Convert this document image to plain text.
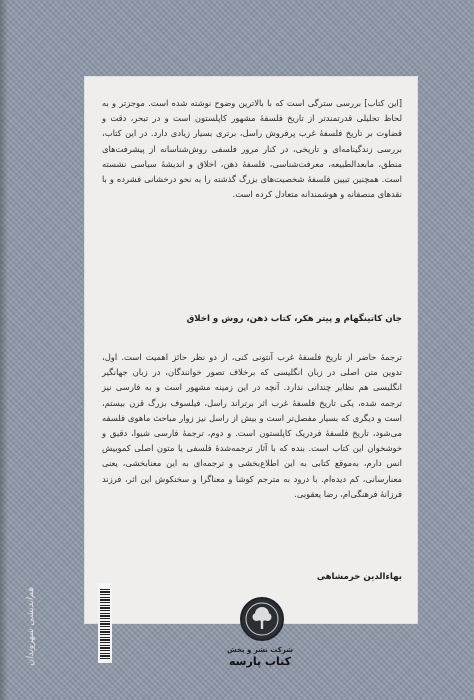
هم‌اندیشی شهروندان
[این کتاب] بررسی سترگی است که با بالاترین وضوح نوشته شده است. موجزتر و به لحاظ تحلیلی قدرتمندتر از تاریخ فلسفهٔ مشهور کاپلستون است و در تبحر، دقت و قضاوت بر تاریخ فلسفهٔ غرب پرفروش راسل، برتری بسیار زیادی دارد. در این کتاب، بررسی زندگینامه‌ای و تاریخی، در کنار مرور فلسفی روش‌شناسانه از پیشرفت‌های منطق، مابعدالطبیعه، معرفت‌شناسی، فلسفهٔ ذهن، اخلاق و اندیشهٔ سیاسی نشسته است. همچنین تبیین فلسفهٔ شخصیت‌های بزرگ گذشته را به نحو درخشانی فشرده و با نقدهای منصفانه و هوشمندانه متعادل کرده است.
جان کاتینگهام و پیتر هکر، کتاب ذهن، روش و اخلاق
ترجمهٔ حاضر از تاریخ فلسفهٔ غرب آنتونی کنی، از دو نظر حائز اهمیت است. اول، تدوین متن اصلی در زبان انگلیسی که برخلاف تصور خوانندگان، در زبان جهانگیر انگلیسی هم نظایر چندانی ندارد. آنچه در این زمینه مشهور است و به فارسی نیز ترجمه شده، یکی تاریخ فلسفهٔ غرب اثر برتراند راسل، فیلسوف بزرگ قرن بیستم، است و دیگری که بسیار مفصل‌تر است و بیش از راسل نیز زوار مباحث ماهوی فلسفه می‌شود، تاریخ فلسفهٔ فردریک کاپلستون است. و دوم، ترجمهٔ فارسی شیوا، دقیق و خوشخوان این کتاب است. بنده که با آثار ترجمه‌شدهٔ فلسفی یا متون اصلی کموبیش انس دارم، به‌موقع کتابی به این اطلاع‌بخشی و ترجمه‌ای به این معنابخشی، یعنی معنارسانی، کم دیده‌ام. با درود به مترجم کوشا و معناگرا و سخنکوش این اثر، فرزند فرزانهٔ فرهنگی‌ام، رضا یعقوبی.
بهاءالدین خرمشاهی
شرکت نشر و پخش
کتاب پارسه
